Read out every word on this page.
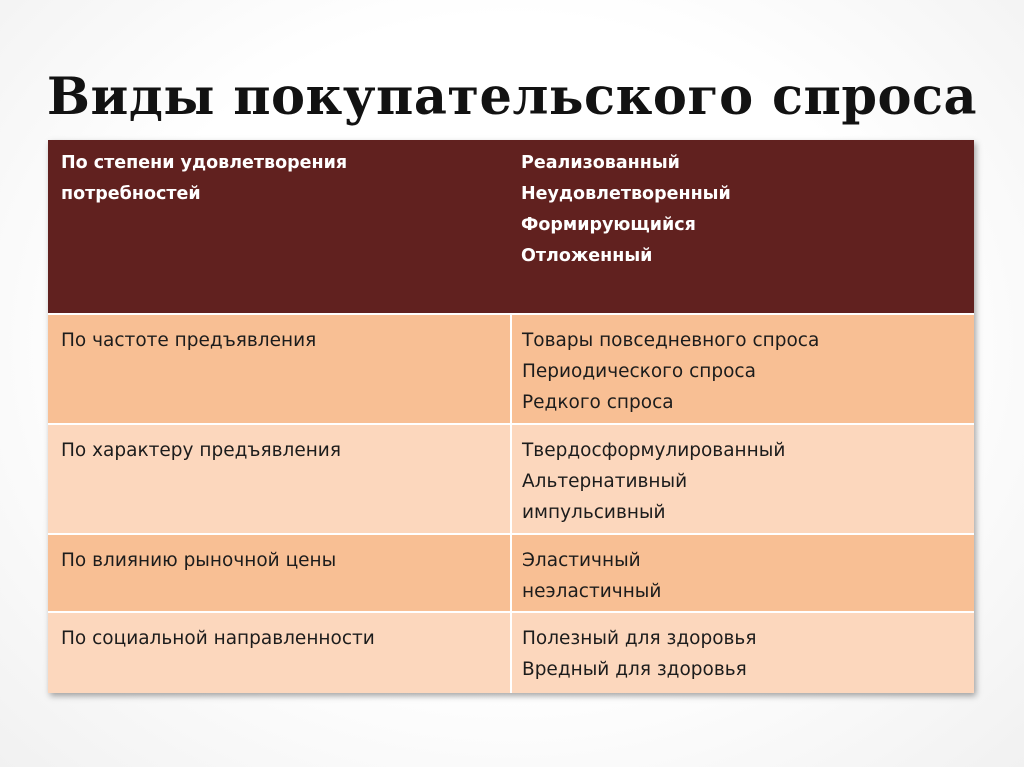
Виды покупательского спроса
По степени удовлетворения
потребностей	Реализованный
Неудовлетворенный
Формирующийся
Отложенный

По частоте предъявления	Товары повседневного спроса
Периодического спроса
Редкого спроса

По характеру предъявления	Твердосформулированный
Альтернативный
импульсивный

По влиянию рыночной цены	Эластичный
неэластичный

По социальной направленности	Полезный для здоровья
Вредный для здоровья
